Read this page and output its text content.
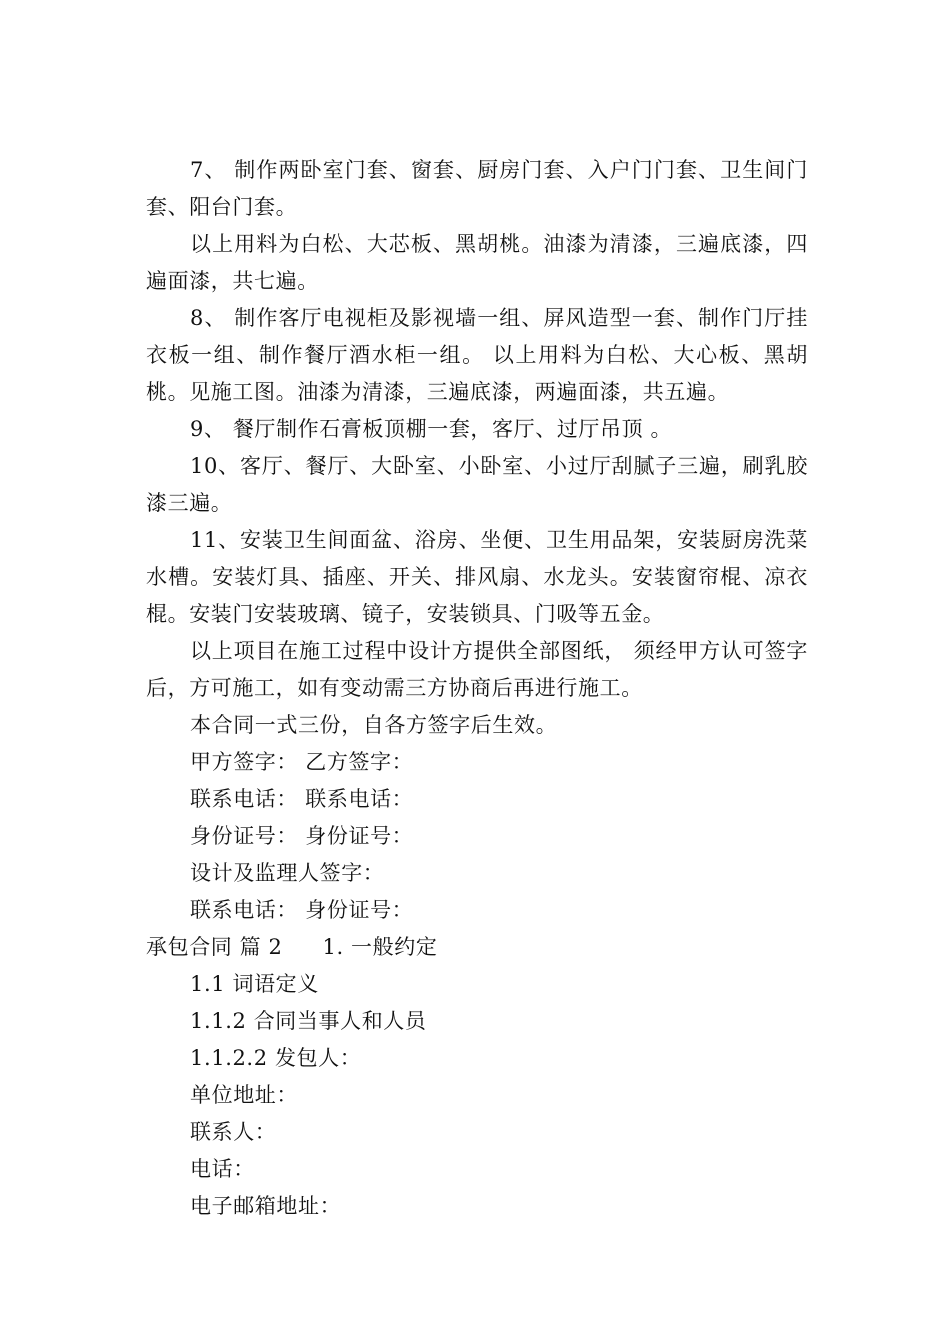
7、 制作两卧室门套、窗套、厨房门套、入户门门套、卫生间门套、阳台门套。

以上用料为白松、大芯板、黑胡桃。油漆为清漆，三遍底漆，四遍面漆，共七遍。

8、 制作客厅电视柜及影视墙一组、屏风造型一套、制作门厅挂衣板一组、制作餐厅酒水柜一组。 以上用料为白松、大心板、黑胡桃。见施工图。油漆为清漆，三遍底漆，两遍面漆，共五遍。

9、 餐厅制作石膏板顶棚一套，客厅、过厅吊顶 。

10、客厅、餐厅、大卧室、小卧室、小过厅刮腻子三遍，刷乳胶漆三遍。

11、安装卫生间面盆、浴房、坐便、卫生用品架，安装厨房洗菜水槽。安装灯具、插座、开关、排风扇、水龙头。安装窗帘棍、凉衣棍。安装门安装玻璃、镜子，安装锁具、门吸等五金。

以上项目在施工过程中设计方提供全部图纸， 须经甲方认可签字后，方可施工，如有变动需三方协商后再进行施工。

本合同一式三份，自各方签字后生效。

甲方签字： 乙方签字：

联系电话： 联系电话：

身份证号： 身份证号：

设计及监理人签字：

联系电话： 身份证号：

承包合同 篇 2 1. 一般约定

1.1 词语定义

1.1.2 合同当事人和人员

1.1.2.2 发包人：

单位地址：

联系人：

电话：

电子邮箱地址：
